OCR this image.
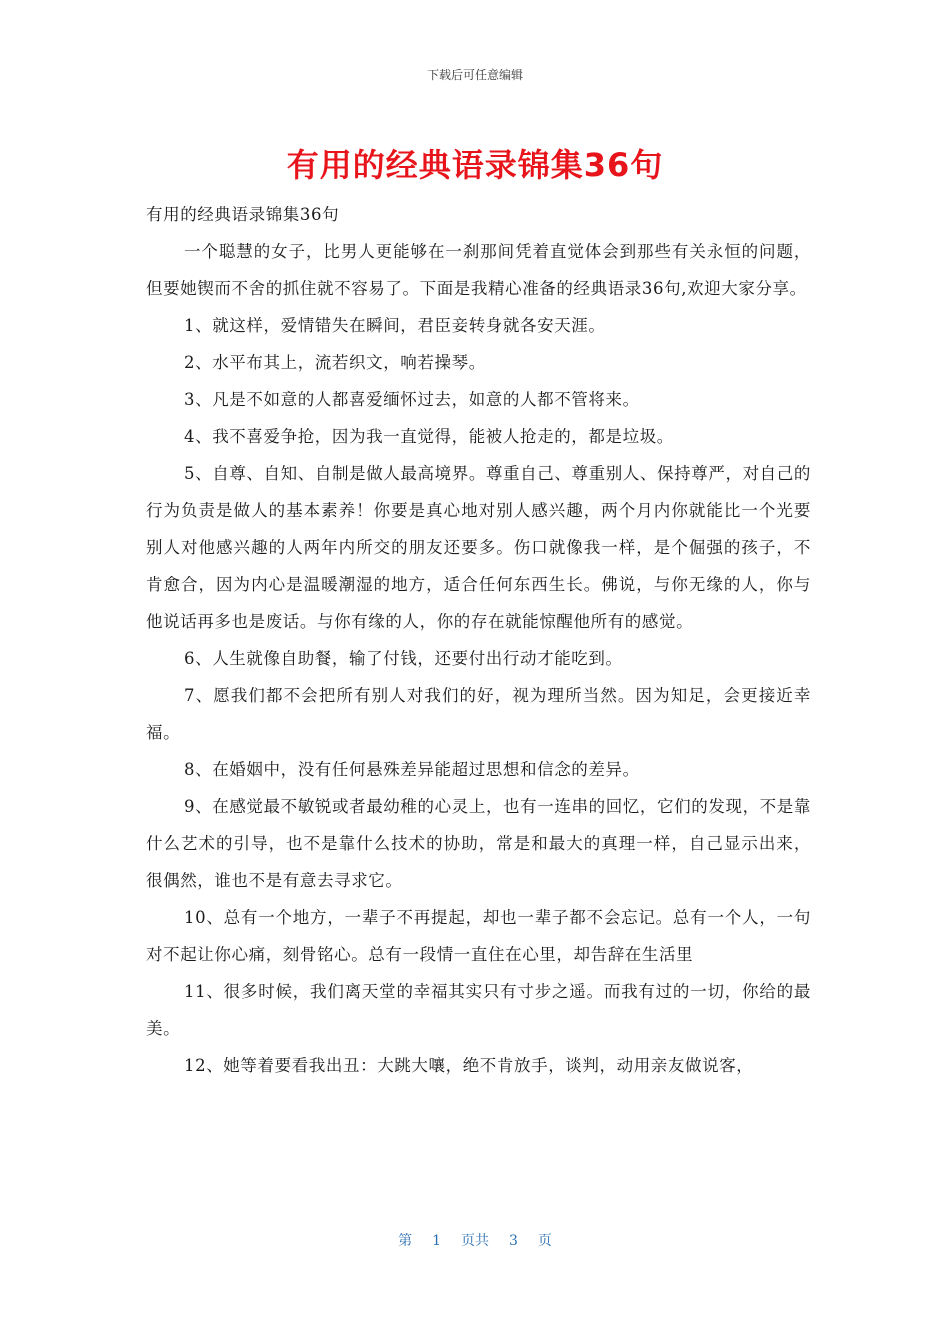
下载后可任意编辑
有用的经典语录锦集36句

有用的经典语录锦集36句

一个聪慧的女子，比男人更能够在一刹那间凭着直觉体会到那些有关永恒的问题，但要她锲而不舍的抓住就不容易了。下面是我精心准备的经典语录36句,欢迎大家分享。

1、就这样，爱情错失在瞬间，君臣妾转身就各安天涯。

2、水平布其上，流若织文，响若操琴。

3、凡是不如意的人都喜爱缅怀过去，如意的人都不管将来。

4、我不喜爱争抢，因为我一直觉得，能被人抢走的，都是垃圾。

5、自尊、自知、自制是做人最高境界。尊重自己、尊重别人、保持尊严，对自己的行为负责是做人的基本素养！你要是真心地对别人感兴趣，两个月内你就能比一个光要别人对他感兴趣的人两年内所交的朋友还要多。伤口就像我一样，是个倔强的孩子，不肯愈合，因为内心是温暖潮湿的地方，适合任何东西生长。佛说，与你无缘的人，你与他说话再多也是废话。与你有缘的人，你的存在就能惊醒他所有的感觉。

6、人生就像自助餐，输了付钱，还要付出行动才能吃到。

7、愿我们都不会把所有别人对我们的好，视为理所当然。因为知足，会更接近幸福。

8、在婚姻中，没有任何悬殊差异能超过思想和信念的差异。

9、在感觉最不敏锐或者最幼稚的心灵上，也有一连串的回忆，它们的发现，不是靠什么艺术的引导，也不是靠什么技术的协助，常是和最大的真理一样，自己显示出来，很偶然，谁也不是有意去寻求它。

10、总有一个地方，一辈子不再提起，却也一辈子都不会忘记。总有一个人，一句对不起让你心痛，刻骨铭心。总有一段情一直住在心里，却告辞在生活里

11、很多时候，我们离天堂的幸福其实只有寸步之遥。而我有过的一切，你给的最美。

12、她等着要看我出丑：大跳大嚷，绝不肯放手，谈判，动用亲友做说客，

第 1 页共 3 页
